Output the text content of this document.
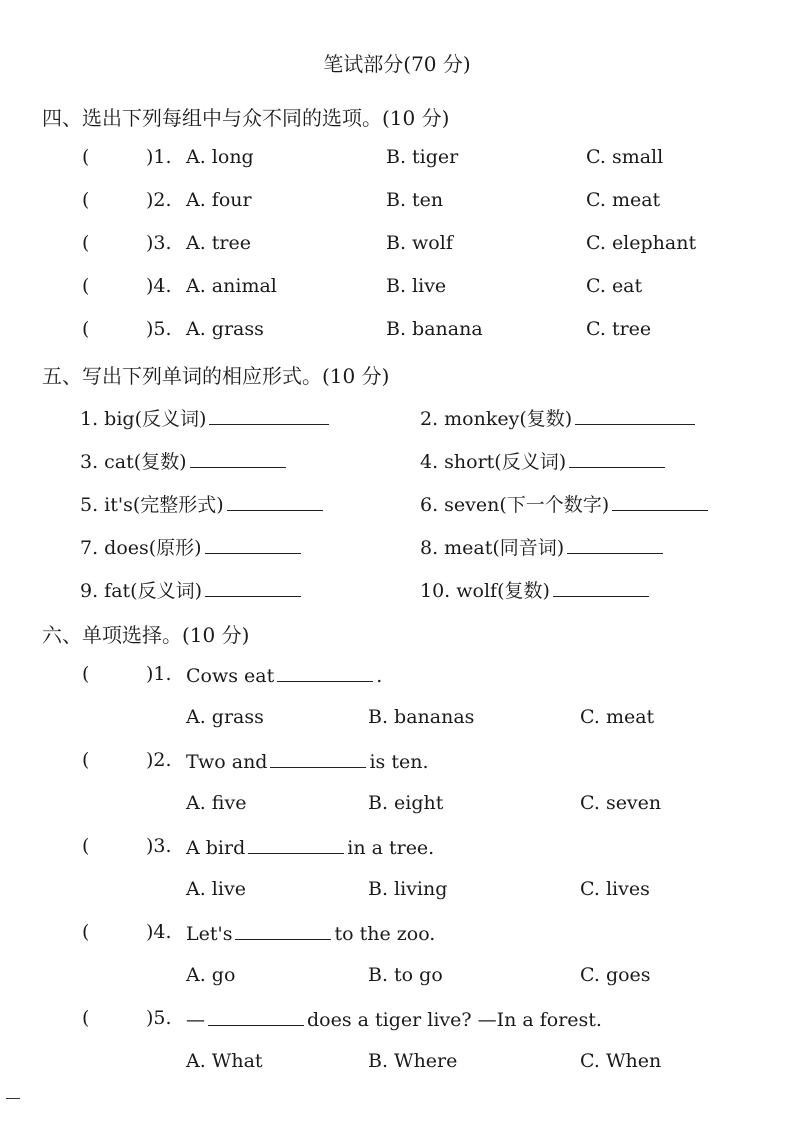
笔试部分(70 分)
四、选出下列每组中与众不同的选项。(10 分)
(	)1. A. long	B. tiger	C. small
(	)2. A. four	B. ten	C. meat
(	)3. A. tree	B. wolf	C. elephant
(	)4. A. animal	B. live	C. eat
(	)5. A. grass	B. banana	C. tree
五、写出下列单词的相应形式。(10 分)
1. big(反义词)	2. monkey(复数)
3. cat(复数)	4. short(反义词)
5. it's(完整形式)	6. seven(下一个数字)
7. does(原形)	8. meat(同音词)
9. fat(反义词)	10. wolf(复数)
六、单项选择。(10 分)
(	)1. Cows eat	.
A. grass	B. bananas	C. meat
(	)2. Two and	is ten.
A. five	B. eight	C. seven
(	)3. A bird	in a tree.
A. live	B. living	C. lives
(	)4. Let's	to the zoo.
A. go	B. to go	C. goes
(	)5. —	does a tiger live? —In a forest.
A. What	B. Where	C. When
